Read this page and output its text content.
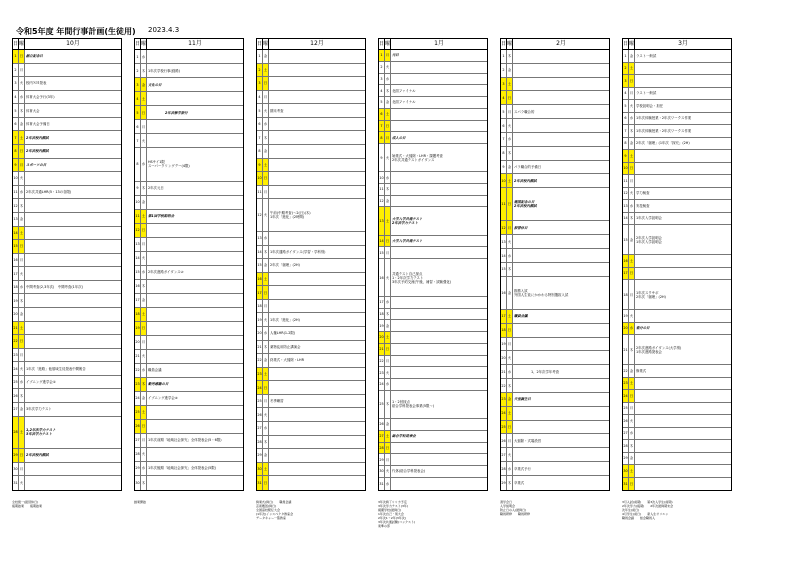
令和5年度 年間行事計画(生徒用) 2023.4.3
日 曜	10月
1 日 創立記念日
2 月
3 火 校内ＳＨ発表
4 水 体育大会予行(3年)
5 木 体育大会
6 金 体育大会予備日
7 土 2年次校内模試
8 日 2年次校内模試
9 月 スポーツの日
10 火
11 水 2年次共通LHR(5・13の各限)
12 木
13 金
14 土
15 日
16 月
17 火
18 水 中間考査(2,3年次)　中間考査(1年次)
19 木
20 金
21 土
22 日
23 月
24 火 1年次「進路」他領域生徒発表中間報告
25 水 イブニング進学会①
26 木
27 金 3年次学力テスト
28 土 1,2年次学力テスト
3年次学力テスト
29 日 2年次校内模試
30 月
31 火
全校統一(振替休日)
後期始業　　後期始業
日 曜	11月
1 水
2 木 1年次学校行事(経路)
3 金 文化の日
4 土
5 日 　　　　　2年次修学旅行
6 月
7 火
8 水 HSサイ1限
スーパークリングデー(4限)
9 木 2年次元日
10 金
11 土 第1回学校説明会
12 日
13 月
14 火
15 水 2年次進路ガイダンス②
16 木
17 金
18 土
19 日
20 月
21 火
22 水 職員会議
23 木 勤労感謝の日
24 金 イブニング進学会②
25 土
26 日
27 月 1年次前期「地域社会探究」全体発表会(5・6限)
28 火
29 水 1年次後期「地域社会探究」全体発表会(5限)
30 木
創業開始
日 曜	12月
1 金
2 土
3 日
4 月
5 火 期末考査
6 水
7 木
8 金
9 土
10 日
11 月
12 火 午前(中期考査)〜2(日)(木)
1年次「進化」(2時間)
13 水
14 木 1年次通路ガイダンス(学習・学科別)
15 金 2年次「創理」(2H)
16 土
17 日
18 月
19 火 1年次「進化」(2H)
20 水 人権LHR(1-2限)
21 木 薬物乱用防止講演会
22 金 終業式・大掃除・LHR
23 土
24 日
25 月 冬季練習
26 火
27 水
28 木
29 金
30 土
31 日
終業式(終日)　　職員会議
芸術鑑賞(終日)
全国高校駅伝大会
(1年次)インスペクタ教室会
データキャー一覧教室
日 曜	1月
1 月 元日
2 火
3 水
4 木 北面ファイナル
5 金 北面ファイナル
6 土
7 日
8 月 成人の日
9 火 始業式・大掃除・LHR・課題考査
2年次共通テストガイダンス
10 水
11 木
12 金
13 土 大学入学共通テスト
2年次学力テスト
14 日 大学入学共通テスト
15 月
16 火
共通テスト自己採点
1・2年次学力テスト
3年次予約交流(午後、補習・試験強化)
17 水
18 木
19 金
20 土
21 日
22 月
23 火
24 水
25 木 1・2回採点
総合学科発表会事業(5限〜)
26 金
27 土 総合学科発表会
28 日
29 月
30 火 代休(総合学科発表会)
31 水
3年次終了リリカ予定
3年次学力テスト(3年)
模擬学校(最終日)
1年次自己・別大会
2年次1〜2年(3年次)
3年次共通試験(コンクスト)
東準の部
日 曜	2月
1 木
2 金
3 土
4 日
5 月 スパラ職合的
6 火
7 水
8 木
9 金 パラ職合的予備日
10 土 2年次校内模試
11 日 建国記念の日
2年次校内模試
12 月 振替休日
13 火
14 水
15 木
16 金 推薦入試
外国人生徒にかかわる特別選抜入試
17 土 職員会議
18 日
19 月
20 火
21 水 　　　　　1、2年次学年考査
22 木
23 金 天皇誕生日
24 土
25 日
26 月 大掃除・式場設営
27 火
28 水 卒業式予行
29 木 卒業式
清学会日
入学説明会
防止日の入(最終日)
職員研修　　職員研修
日 曜	3月
1 金 ラスト一般試
2 土
3 日
4 月 ラスト一般試
5 火 学校説明会・担任
6 水 1年次体験授業・2年次ワークス作業
7 木 1年次体験授業・2年次ワークス作業
8 金 2年次「創理」(1年次「探究」(2H)
9 土
10 日
11 月
12 火 学力検査
13 水 実技検査
14 木 1年次入学説明会
15 金 2年次入学説明会
1年次入学説明会
16 土
17 日
18 月 1年次スクサポ
2年次「創理」(2H)
19 火
20 水 春分の日
21 木 2年次進路ガイダンス(大学別)
1年次進路発表会
22 金 修業式
23 土
24 日
25 月
26 火
27 水
28 木
29 金
30 土
31 日
3月入試(前期)　　第3次入学生(前期)
2年次学力(後期)　　2年次最終期末会
次年生(前日)
4月学生(前日)　　新入生オリエン
職員会議　　総会職員入
